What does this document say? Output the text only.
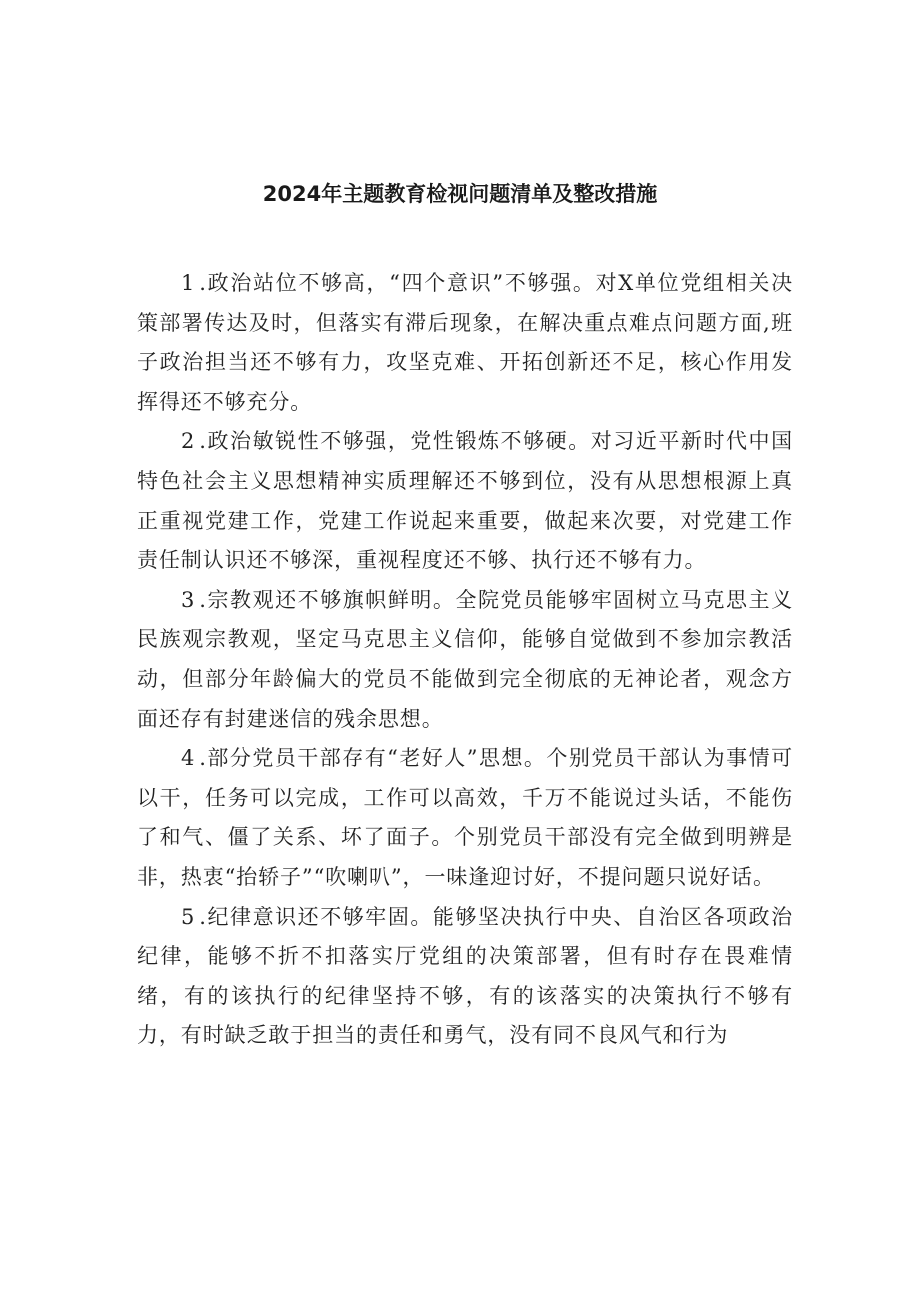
2024年主题教育检视问题清单及整改措施

1 .政治站位不够高，“四个意识”不够强。对X单位党组相关决策部署传达及时，但落实有滞后现象，在解决重点难点问题方面,班子政治担当还不够有力，攻坚克难、开拓创新还不足，核心作用发挥得还不够充分。

2 .政治敏锐性不够强，党性锻炼不够硬。对习近平新时代中国特色社会主义思想精神实质理解还不够到位，没有从思想根源上真正重视党建工作，党建工作说起来重要，做起来次要，对党建工作责任制认识还不够深，重视程度还不够、执行还不够有力。

3 .宗教观还不够旗帜鲜明。全院党员能够牢固树立马克思主义民族观宗教观，坚定马克思主义信仰，能够自觉做到不参加宗教活动，但部分年龄偏大的党员不能做到完全彻底的无神论者，观念方面还存有封建迷信的残余思想。

4 .部分党员干部存有“老好人”思想。个别党员干部认为事情可以干，任务可以完成，工作可以高效，千万不能说过头话，不能伤了和气、僵了关系、坏了面子。个别党员干部没有完全做到明辨是非，热衷“抬轿子”“吹喇叭”，一味逢迎讨好，不提问题只说好话。

5 .纪律意识还不够牢固。能够坚决执行中央、自治区各项政治纪律，能够不折不扣落实厅党组的决策部署，但有时存在畏难情绪，有的该执行的纪律坚持不够，有的该落实的决策执行不够有力，有时缺乏敢于担当的责任和勇气，没有同不良风气和行为
